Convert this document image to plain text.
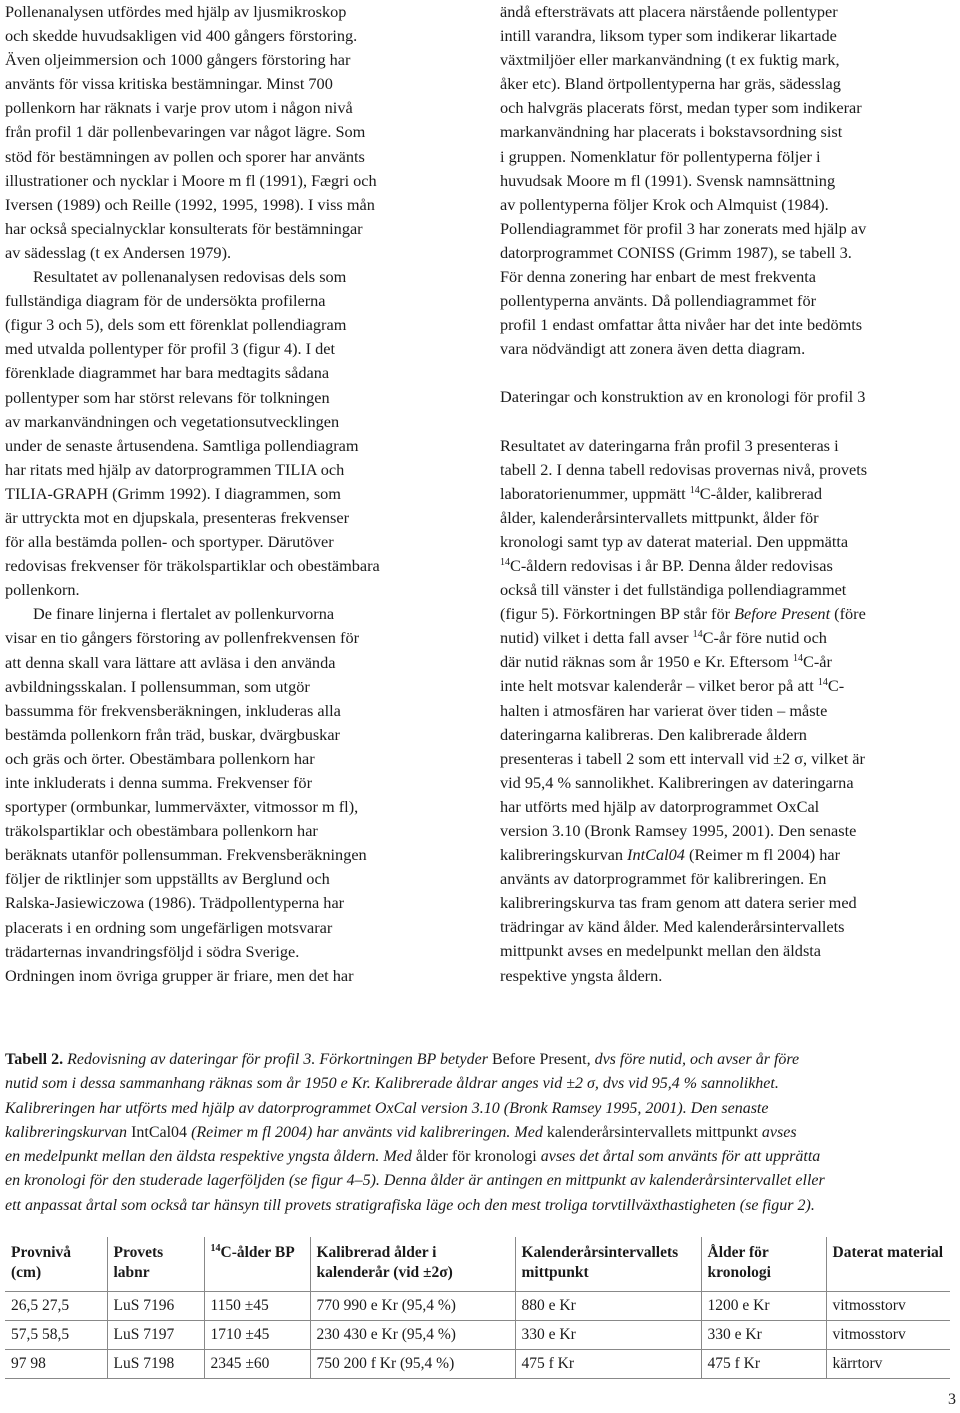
Pollenanalysen utfördes med hjälp av ljusmikroskop
och skedde huvudsakligen vid 400 gångers förstoring.
Även oljeimmersion och 1000 gångers förstoring har
använts för vissa kritiska bestämningar. Minst 700
pollenkorn har räknats i varje prov utom i någon nivå
från profil 1 där pollenbevaringen var något lägre. Som
stöd för bestämningen av pollen och sporer har använts
illustrationer och nycklar i Moore m fl (1991), Fægri och
Iversen (1989) och Reille (1992, 1995, 1998). I viss mån
har också specialnycklar konsulterats för bestämningar
av sädesslag (t ex Andersen 1979).

Resultatet av pollenanalysen redovisas dels som
fullständiga diagram för de undersökta profilerna
(figur 3 och 5), dels som ett förenklat pollendiagram
med utvalda pollentyper för profil 3 (figur 4). I det
förenklade diagrammet har bara medtagits sådana
pollentyper som har störst relevans för tolkningen
av markanvändningen och vegetationsutvecklingen
under de senaste årtusendena. Samtliga pollendiagram
har ritats med hjälp av datorprogrammen TILIA och
TILIA-GRAPH (Grimm 1992). I diagrammen, som
är uttryckta mot en djupskala, presenteras frekvenser
för alla bestämda pollen- och sportyper. Därutöver
redovisas frekvenser för träkolspartiklar och obestämbara
pollenkorn.

De finare linjerna i flertalet av pollenkurvorna
visar en tio gångers förstoring av pollenfrekvensen för
att denna skall vara lättare att avläsa i den använda
avbildningsskalan. I pollensumman, som utgör
bassumma för frekvensberäkningen, inkluderas alla
bestämda pollenkorn från träd, buskar, dvärgbuskar
och gräs och örter. Obestämbara pollenkorn har
inte inkluderats i denna summa. Frekvenser för
sportyper (ormbunkar, lummerväxter, vitmossor m fl),
träkolspartiklar och obestämbara pollenkorn har
beräknats utanför pollensumman. Frekvensberäkningen
följer de riktlinjer som uppställts av Berglund och
Ralska-Jasiewiczowa (1986). Trädpollentyperna har
placerats i en ordning som ungefärligen motsvarar
trädarternas invandringsföljd i södra Sverige.
Ordningen inom övriga grupper är friare, men det har

ändå eftersträvats att placera närstående pollentyper
intill varandra, liksom typer som indikerar likartade
växtmiljöer eller markanvändning (t ex fuktig mark,
åker etc). Bland örtpollentyperna har gräs, sädesslag
och halvgräs placerats först, medan typer som indikerar
markanvändning har placerats i bokstavsordning sist
i gruppen. Nomenklatur för pollentyperna följer i
huvudsak Moore m fl (1991). Svensk namnsättning
av pollentyperna följer Krok och Almquist (1984).

Pollendiagrammet för profil 3 har zonerats med hjälp av
datorprogrammet CONISS (Grimm 1987), se tabell 3.
För denna zonering har enbart de mest frekventa
pollentyperna använts. Då pollendiagrammet för
profil 1 endast omfattar åtta nivåer har det inte bedömts
vara nödvändigt att zonera även detta diagram.

Dateringar och konstruktion av en kronologi för profil 3

Resultatet av dateringarna från profil 3 presenteras i
tabell 2. I denna tabell redovisas provernas nivå, provets
laboratorienummer, uppmätt $^{14}$C-ålder, kalibrerad
ålder, kalenderårsintervallets mittpunkt, ålder för
kronologi samt typ av daterat material. Den uppmätta
$^{14}$C-åldern redovisas i år BP. Denna ålder redovisas
också till vänster i det fullständiga pollendiagrammet
(figur 5). Förkortningen BP står för Before Present (före
nutid) vilket i detta fall avser $^{14}$C-år före nutid och
där nutid räknas som år 1950 e Kr. Eftersom $^{14}$C-år
inte helt motsvar kalenderår – vilket beror på att $^{14}$C-
halten i atmosfären har varierat över tiden – måste
dateringarna kalibreras. Den kalibrerade åldern
presenteras i tabell 2 som ett intervall vid ±2 σ, vilket är
vid 95,4 % sannolikhet. Kalibreringen av dateringarna
har utförts med hjälp av datorprogrammet OxCal
version 3.10 (Bronk Ramsey 1995, 2001). Den senaste
kalibreringskurvan IntCal04 (Reimer m fl 2004) har
använts av datorprogrammet för kalibreringen. En
kalibreringskurva tas fram genom att datera serier med
trädringar av känd ålder. Med kalenderårsintervallets
mittpunkt avses en medelpunkt mellan den äldsta
respektive yngsta åldern.

Tabell 2. Redovisning av dateringar för profil 3. Förkortningen BP betyder Before Present, dvs före nutid, och avser år före
nutid som i dessa sammanhang räknas som år 1950 e Kr. Kalibrerade åldrar anges vid ±2 σ, dvs vid 95,4 % sannolikhet.
Kalibreringen har utförts med hjälp av datorprogrammet OxCal version 3.10 (Bronk Ramsey 1995, 2001). Den senaste
kalibreringskurvan IntCal04 (Reimer m fl 2004) har använts vid kalibreringen. Med kalenderårsintervallets mittpunkt avses
en medelpunkt mellan den äldsta respektive yngsta åldern. Med ålder för kronologi avses det årtal som använts för att upprätta
en kronologi för den studerade lagerföljden (se figur 4–5). Denna ålder är antingen en mittpunkt av kalenderårsintervallet eller
ett anpassat årtal som också tar hänsyn till provets stratigrafiska läge och den mest troliga torvtillväxthastigheten (se figur 2).
Provnivå (cm)	Provets labnr	$^{14}$C-ålder BP	Kalibrerad ålder i kalenderår (vid ±2σ)	Kalenderårsintervallets mittpunkt	Ålder för kronologi	Daterat material
26,5 27,5	LuS 7196	1150 ±45	770 990 e Kr (95,4 %)	880 e Kr	1200 e Kr	vitmosstorv
57,5 58,5	LuS 7197	1710 ±45	230 430 e Kr (95,4 %)	330 e Kr	330 e Kr	vitmosstorv
97 98	LuS 7198	2345 ±60	750 200 f Kr (95,4 %)	475 f Kr	475 f Kr	kärrtorv
3
